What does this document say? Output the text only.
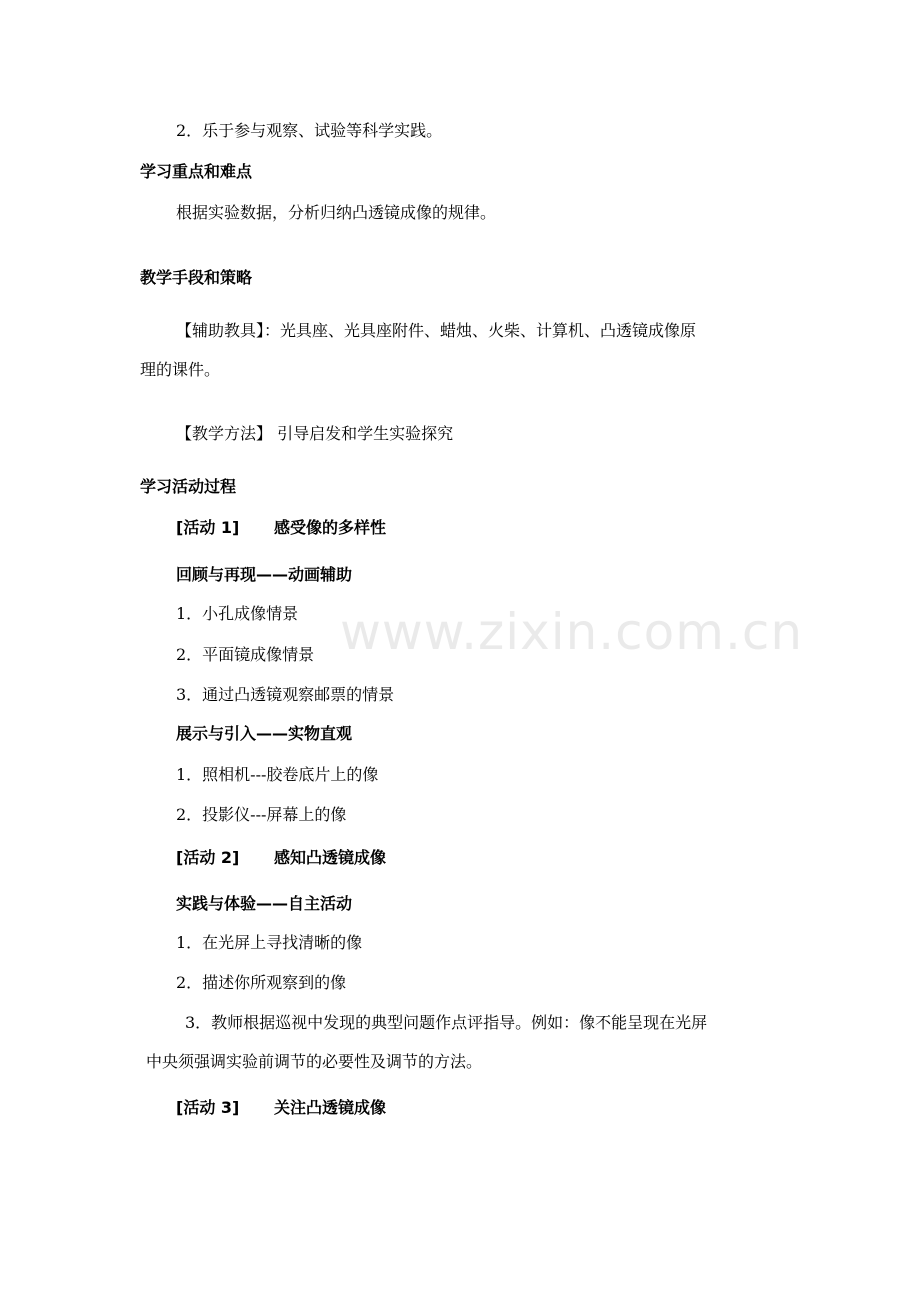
2．乐于参与观察、试验等科学实践。
学习重点和难点
根据实验数据，分析归纳凸透镜成像的规律。
教学手段和策略
【辅助教具】：光具座、光具座附件、蜡烛、火柴、计算机、凸透镜成像原
理的课件。
【教学方法】 引导启发和学生实验探究
学习活动过程
[活动 1] 感受像的多样性
回顾与再现——动画辅助
1．小孔成像情景
2．平面镜成像情景
3．通过凸透镜观察邮票的情景
展示与引入——实物直观
1．照相机---胶卷底片上的像
2．投影仪---屏幕上的像
[活动 2] 感知凸透镜成像
实践与体验——自主活动
1．在光屏上寻找清晰的像
2．描述你所观察到的像
3．教师根据巡视中发现的典型问题作点评指导。例如：像不能呈现在光屏
中央须强调实验前调节的必要性及调节的方法。
[活动 3] 关注凸透镜成像
www.zixin.com.cn
